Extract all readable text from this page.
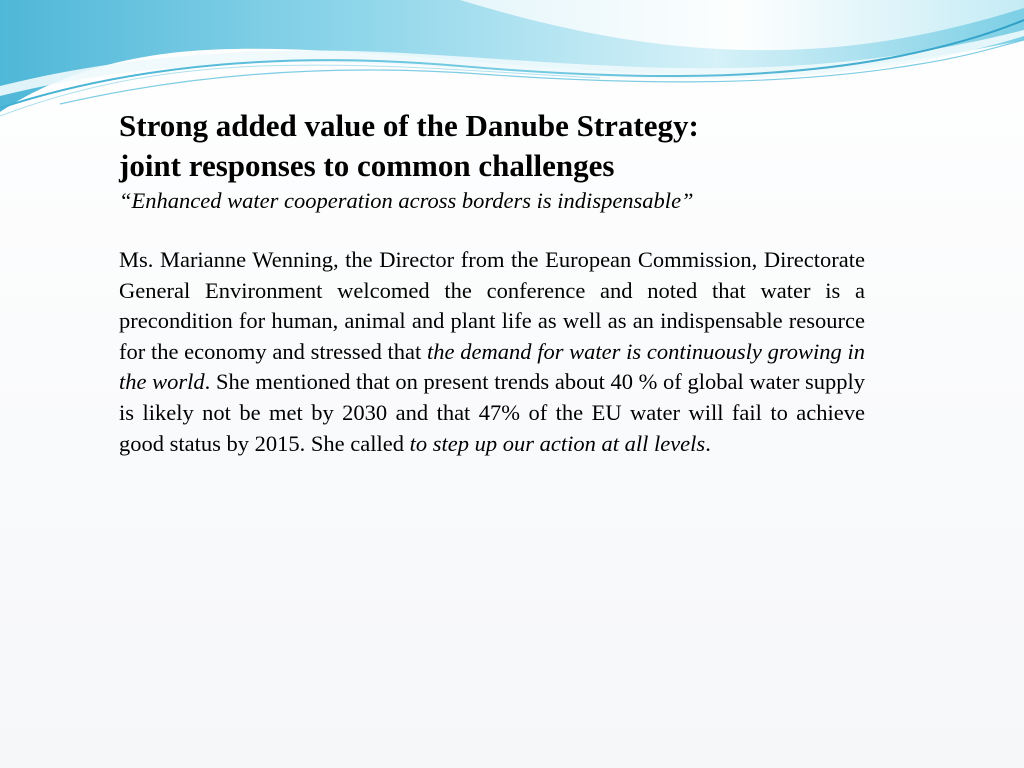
Strong added value of the Danube Strategy:
joint responses to common challenges

“Enhanced water cooperation across borders is indispensable”

Ms. Marianne Wenning, the Director from the European Commission, Directorate General Environment welcomed the conference and noted that water is a precondition for human, animal and plant life as well as an indispensable resource for the economy and stressed that the demand for water is continuously growing in the world. She mentioned that on present trends about 40 % of global water supply is likely not be met by 2030 and that 47% of the EU water will fail to achieve good status by 2015. She called to step up our action at all levels.
